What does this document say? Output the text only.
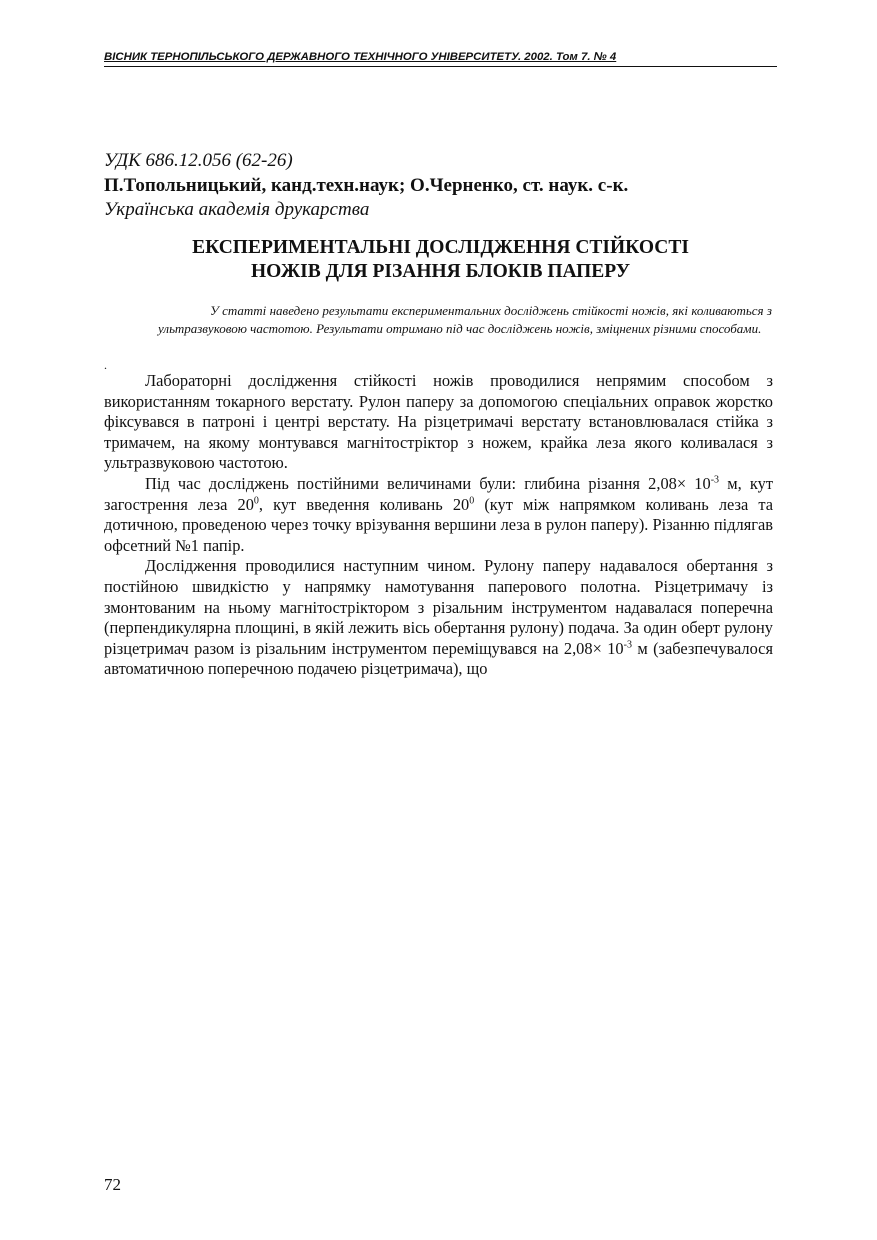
ВІСНИК ТЕРНОПІЛЬСЬКОГО ДЕРЖАВНОГО ТЕХНІЧНОГО УНІВЕРСИТЕТУ. 2002. Том 7. № 4
УДК 686.12.056 (62-26)
П.Топольницький, канд.техн.наук; О.Черненко, ст. наук. с-к.
Українська академія друкарства
ЕКСПЕРИМЕНТАЛЬНІ ДОСЛІДЖЕННЯ СТІЙКОСТІ
НОЖІВ ДЛЯ РІЗАННЯ БЛОКІВ ПАПЕРУ
У статті наведено результати експериментальних досліджень стійкості ножів, які коливаються з ультразвуковою частотою. Результати отримано під час досліджень ножів, зміцнених різними способами.
.

Лабораторні дослідження стійкості ножів проводилися непрямим способом з використанням токарного верстату. Рулон паперу за допомогою спеціальних оправок жорстко фіксувався в патроні і центрі верстату. На різцетримачі верстату встановлювалася стійка з тримачем, на якому монтувався магнітостріктор з ножем, крайка леза якого коливалася з ультразвуковою частотою.

Під час досліджень постійними величинами були: глибина різання $2,08\times 10^{-3}$ м, кут загострення леза $20^0$, кут введення коливань $20^0$ (кут між напрямком коливань леза та дотичною, проведеною через точку врізування вершини леза в рулон паперу). Різанню підлягав офсетний №1 папір.

Дослідження проводилися наступним чином. Рулону паперу надавалося обертання з постійною швидкістю у напрямку намотування паперового полотна. Різцетримачу із змонтованим на ньому магнітостріктором з різальним інструментом надавалася поперечна (перпендикулярна площині, в якій лежить вісь обертання рулону) подача. За один оберт рулону різцетримач разом із різальним інструментом переміщувався на $2,08\times 10^{-3}$ м (забезпечувалося автоматичною поперечною подачею різцетримача), що

72
